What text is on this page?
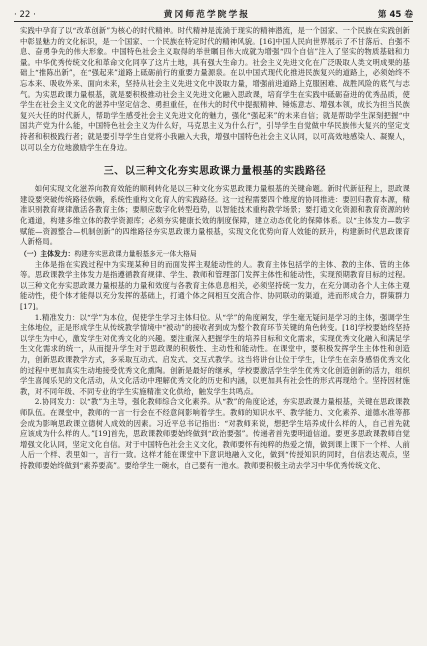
· 22 ·	黄冈师范学院学报	第 45 卷

实践中孕育了以“改革创新”为核心的时代精神。时代精神是流淌于现实的精神潜流，是一个国家、一个民族在实践创新中彰显魅力的文化标识，是一个国家、一个民族在特定时代的精神风貌。[16]中国人民向世界展示了不甘落后、自强不息、奋勇争先的伟大形象。中国特色社会主义取得的举世瞩目伟大成就为增强“四个自信”注入了坚实的物质基础和力量。中华优秀传统文化和革命文化同享了这片土地，具有强大生命力。社会主义先进文化在广泛吸取人类文明成果的基础上“推陈出新”，在“强起来”道路上砥砺前行的重要力量源泉。在以中国式现代化推进民族复兴的道路上，必须始终不忘本来、吸收外来、面向未来，坚持从社会主义先进文化中汲取力量，增强前进道路上克服困难、战胜风险的底气与志气。为实思政课力量根基，就是要积极推动社会主义先进文化融入思政课，培育学生在实践中砥砺奋进的优秀品质，使学生在社会主义文化的滋养中坚定信念、勇担重任，在伟大的时代中提振精神、锤炼意志、增强本领，成长为担当民族复兴大任的时代新人，帮助学生感受社会主义先进文化的魅力，强化“强起来”的未来自信；就是帮助学生深刻把握“中国共产党为什么能，中国特色社会主义为什么好，马克思主义为什么行”，引导学生自觉做中华民族伟大复兴的坚定支持者和积极践行者；就是要引导学生自觉将小我融入大我，增强中国特色社会主义认同，以可高效地感染人、凝聚人，以可以全方位地激励学生在身边。

三、以三种文化夯实思政课力量根基的实践路径

如何实现文化滋养向教育效能的顺利转化是以三种文化夯实思政课力量根基的关键命题。新时代新征程上，思政课建设要突破传统路径依赖，系统性重构文化育人的实践路径。这一过程需要四个维度的协同推进：要回归教育本源，精准识别教育规律激活各教育主体；要顺应数字化转型趋势，以智能技术重构教学场景；要打通文化资源和教育资源的转化通道，构建多维立体的教学资源库；必须夯实健康长效的制度保障，建立动态优化的保障体系。以“主体发力—数字赋能—资源整合—机制创新”的四维路径夯实思政课力量根基，实现文化优势向育人效能的跃升，构建新时代思政课育人新格局。

（一）主体发力：构建夯实思政课力量根基多元一体大格局

主体是指在实践过程中为实现某种目的而面发挥主观能动性的人。教育主体包括学的主体、教的主体、管的主体等。思政课教学主体发力是指遵循教育规律、学生、教师和管理部门发挥主体性和能动性，实现预期教育目标的过程。以三种文化夯实思政课力量根基的力量和效度与各教育主体息息相关，必须坚持统一发力，在充分调动各个人主体主观能动性，使个体才能得以充分发挥的基础上，打通个体之间相互交流合作、协同联动的渠道，进而形成合力，群策群力[17]。

1.精准发力：以“学”为本位，促使学生学习主体归位。从“学”的角度阐发，学生毫无疑问是学习的主体，强调学生主体地位，正是形成学生从传统教学情境中“被动”的接收者到成为整个教育环节关键的角色转变。[18]学校要始终坚持以学生为中心，激发学生对优秀文化的兴趣。要注重深入把握学生的培养目标和文化需求，实现优秀文化融入和满足学生文化需求的统一，从而提升学生对于思政课的积极性、主动性和能动性。在课堂中，要积极发挥学生主体性和创造力，创新思政课教学方式，多采取互动式、启发式、交互式教学。这当将讲台让位于学生，让学生在亲身感悟优秀文化的过程中更加真实生动地接受优秀文化熏陶。创新是最好的继承，学校要激活学生学生优秀文化创造创新的活力，组织学生喜闻乐见的文化活动，从文化活动中理解优秀文化的历史和内涵，以更加具有社会性的形式再现给个。坚持因材施教，对不同年级、不同专业的学生实施精准文化供给，触发学生共鸣点。

2.协同发力：以“教”为主导，强化教师综合文化素养。从“教”的角度论述，夯实思政课力量根基，关键在思政课教师队伍。在课堂中，教师的一言一行会在不经意间影响着学生。教师的知识水平、教学能力、文化素养、道德水准等都会成为影响思政课立德树人成效的因素。习近平总书记指出：“对教师来说，想把学生培养成什么样的人，自己首先就应该成为什么样的人。”[19]首先，思政课教师要始终做到“政治要强”。传递者首先要明道信道。要更多思政课教师自觉增强文化认同，坚定文化自信。对于中国特色社会主义文化，教师要怀有纯粹的热爱之情，做到课上课下一个样、人前人后一个样、表里如一，言行一致。这样才能在课堂中下意识地融入文化，做到“传授知识的同时，自信表达观点，坚持教师要始终做到“素养要高”。要给学生一碗水，自己要有一池水。教师要积极主动去学习中华优秀传统文化、
